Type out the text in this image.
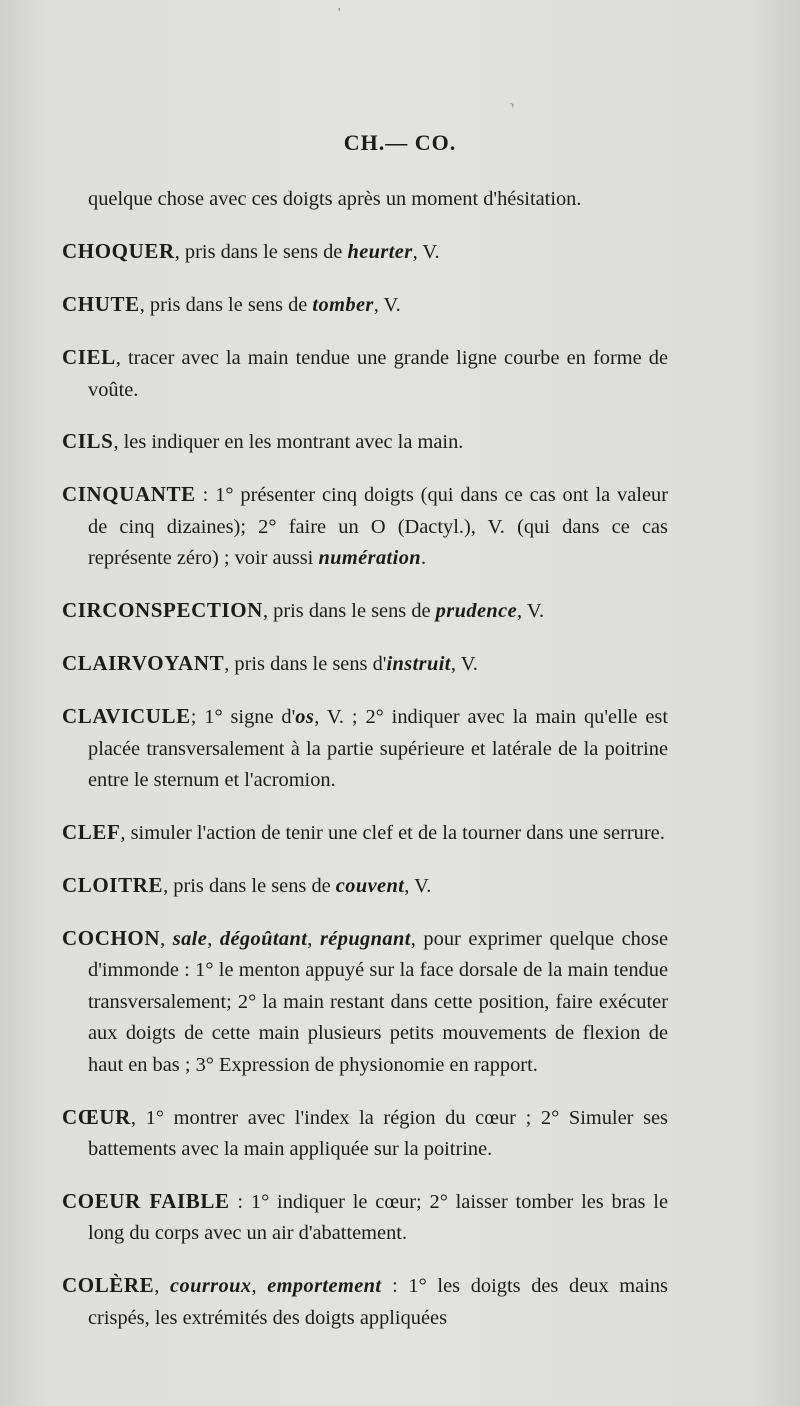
'
›
CH.— CO.

quelque chose avec ces doigts après un moment d'hésitation.

CHOQUER, pris dans le sens de heurter, V.

CHUTE, pris dans le sens de tomber, V.

CIEL, tracer avec la main tendue une grande ligne courbe en forme de voûte.

CILS, les indiquer en les montrant avec la main.

CINQUANTE : 1° présenter cinq doigts (qui dans ce cas ont la valeur de cinq dizaines); 2° faire un O (Dactyl.), V. (qui dans ce cas représente zéro) ; voir aussi numération.

CIRCONSPECTION, pris dans le sens de prudence, V.

CLAIRVOYANT, pris dans le sens d'instruit, V.

CLAVICULE; 1° signe d'os, V. ; 2° indiquer avec la main qu'elle est placée transversalement à la partie supérieure et latérale de la poitrine entre le sternum et l'acromion.

CLEF, simuler l'action de tenir une clef et de la tourner dans une serrure.

CLOITRE, pris dans le sens de couvent, V.

COCHON, sale, dégoûtant, répugnant, pour exprimer quelque chose d'immonde : 1° le menton appuyé sur la face dorsale de la main tendue transversalement; 2° la main restant dans cette position, faire exécuter aux doigts de cette main plusieurs petits mouvements de flexion de haut en bas ; 3° Expression de physionomie en rapport.

CŒUR, 1° montrer avec l'index la région du cœur ; 2° Simuler ses battements avec la main appliquée sur la poitrine.

COEUR FAIBLE : 1° indiquer le cœur; 2° laisser tomber les bras le long du corps avec un air d'abattement.

COLÈRE, courroux, emportement : 1° les doigts des deux mains crispés, les extrémités des doigts appliquées
